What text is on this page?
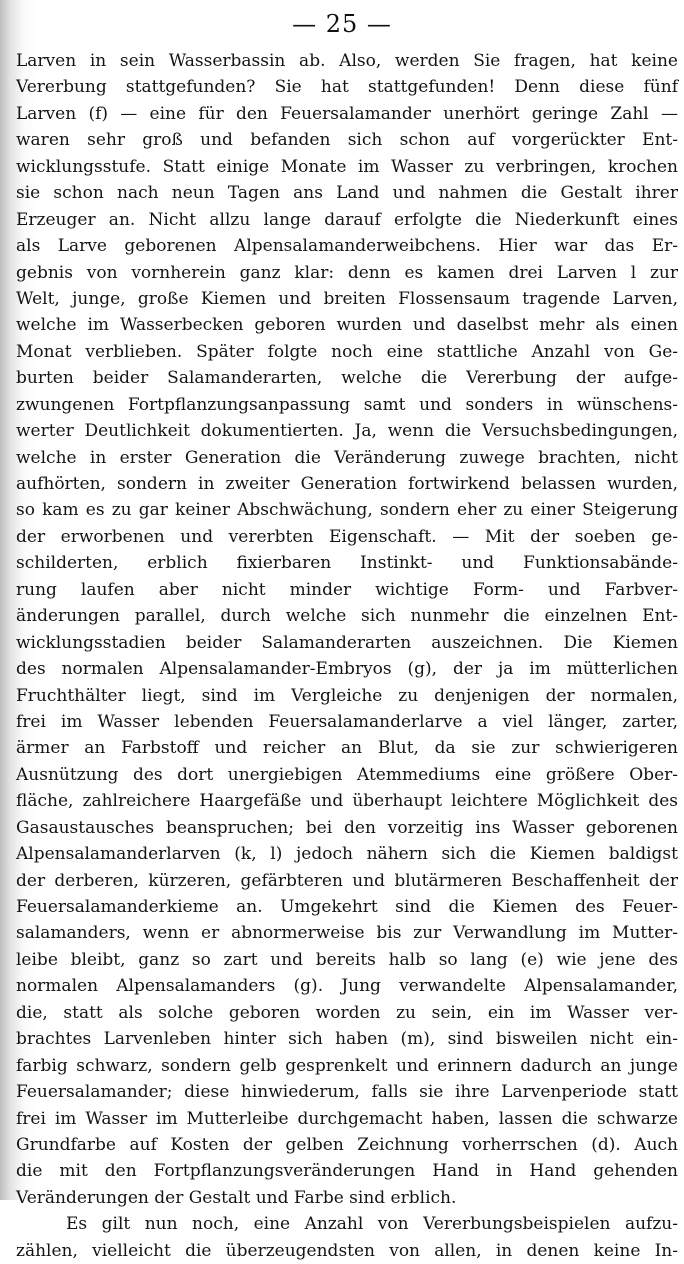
— 25 —
Larven in sein Wasserbassin ab. Also, werden Sie fragen, hat keine
Vererbung stattgefunden? Sie hat stattgefunden! Denn diese fünf
Larven (f) — eine für den Feuersalamander unerhört geringe Zahl —
waren sehr groß und befanden sich schon auf vorgerückter Ent-
wicklungsstufe. Statt einige Monate im Wasser zu verbringen, krochen
sie schon nach neun Tagen ans Land und nahmen die Gestalt ihrer
Erzeuger an. Nicht allzu lange darauf erfolgte die Niederkunft eines
als Larve geborenen Alpensalamanderweibchens. Hier war das Er-
gebnis von vornherein ganz klar: denn es kamen drei Larven l zur
Welt, junge, große Kiemen und breiten Flossensaum tragende Larven,
welche im Wasserbecken geboren wurden und daselbst mehr als einen
Monat verblieben. Später folgte noch eine stattliche Anzahl von Ge-
burten beider Salamanderarten, welche die Vererbung der aufge-
zwungenen Fortpflanzungsanpassung samt und sonders in wünschens-
werter Deutlichkeit dokumentierten. Ja, wenn die Versuchsbedingungen,
welche in erster Generation die Veränderung zuwege brachten, nicht
aufhörten, sondern in zweiter Generation fortwirkend belassen wurden,
so kam es zu gar keiner Abschwächung, sondern eher zu einer Steigerung
der erworbenen und vererbten Eigenschaft. — Mit der soeben ge-
schilderten, erblich fixierbaren Instinkt- und Funktionsabände-
rung laufen aber nicht minder wichtige Form- und Farbver-
änderungen parallel, durch welche sich nunmehr die einzelnen Ent-
wicklungsstadien beider Salamanderarten auszeichnen. Die Kiemen
des normalen Alpensalamander-Embryos (g), der ja im mütterlichen
Fruchthälter liegt, sind im Vergleiche zu denjenigen der normalen,
frei im Wasser lebenden Feuersalamanderlarve a viel länger, zarter,
ärmer an Farbstoff und reicher an Blut, da sie zur schwierigeren
Ausnützung des dort unergiebigen Atemmediums eine größere Ober-
fläche, zahlreichere Haargefäße und überhaupt leichtere Möglichkeit des
Gasaustausches beanspruchen; bei den vorzeitig ins Wasser geborenen
Alpensalamanderlarven (k, l) jedoch nähern sich die Kiemen baldigst
der derberen, kürzeren, gefärbteren und blutärmeren Beschaffenheit der
Feuersalamanderkieme an. Umgekehrt sind die Kiemen des Feuer-
salamanders, wenn er abnormerweise bis zur Verwandlung im Mutter-
leibe bleibt, ganz so zart und bereits halb so lang (e) wie jene des
normalen Alpensalamanders (g). Jung verwandelte Alpensalamander,
die, statt als solche geboren worden zu sein, ein im Wasser ver-
brachtes Larvenleben hinter sich haben (m), sind bisweilen nicht ein-
farbig schwarz, sondern gelb gesprenkelt und erinnern dadurch an junge
Feuersalamander; diese hinwiederum, falls sie ihre Larvenperiode statt
frei im Wasser im Mutterleibe durchgemacht haben, lassen die schwarze
Grundfarbe auf Kosten der gelben Zeichnung vorherrschen (d). Auch
die mit den Fortpflanzungsveränderungen Hand in Hand gehenden
Veränderungen der Gestalt und Farbe sind erblich.
Es gilt nun noch, eine Anzahl von Vererbungsbeispielen aufzu-
zählen, vielleicht die überzeugendsten von allen, in denen keine In-
